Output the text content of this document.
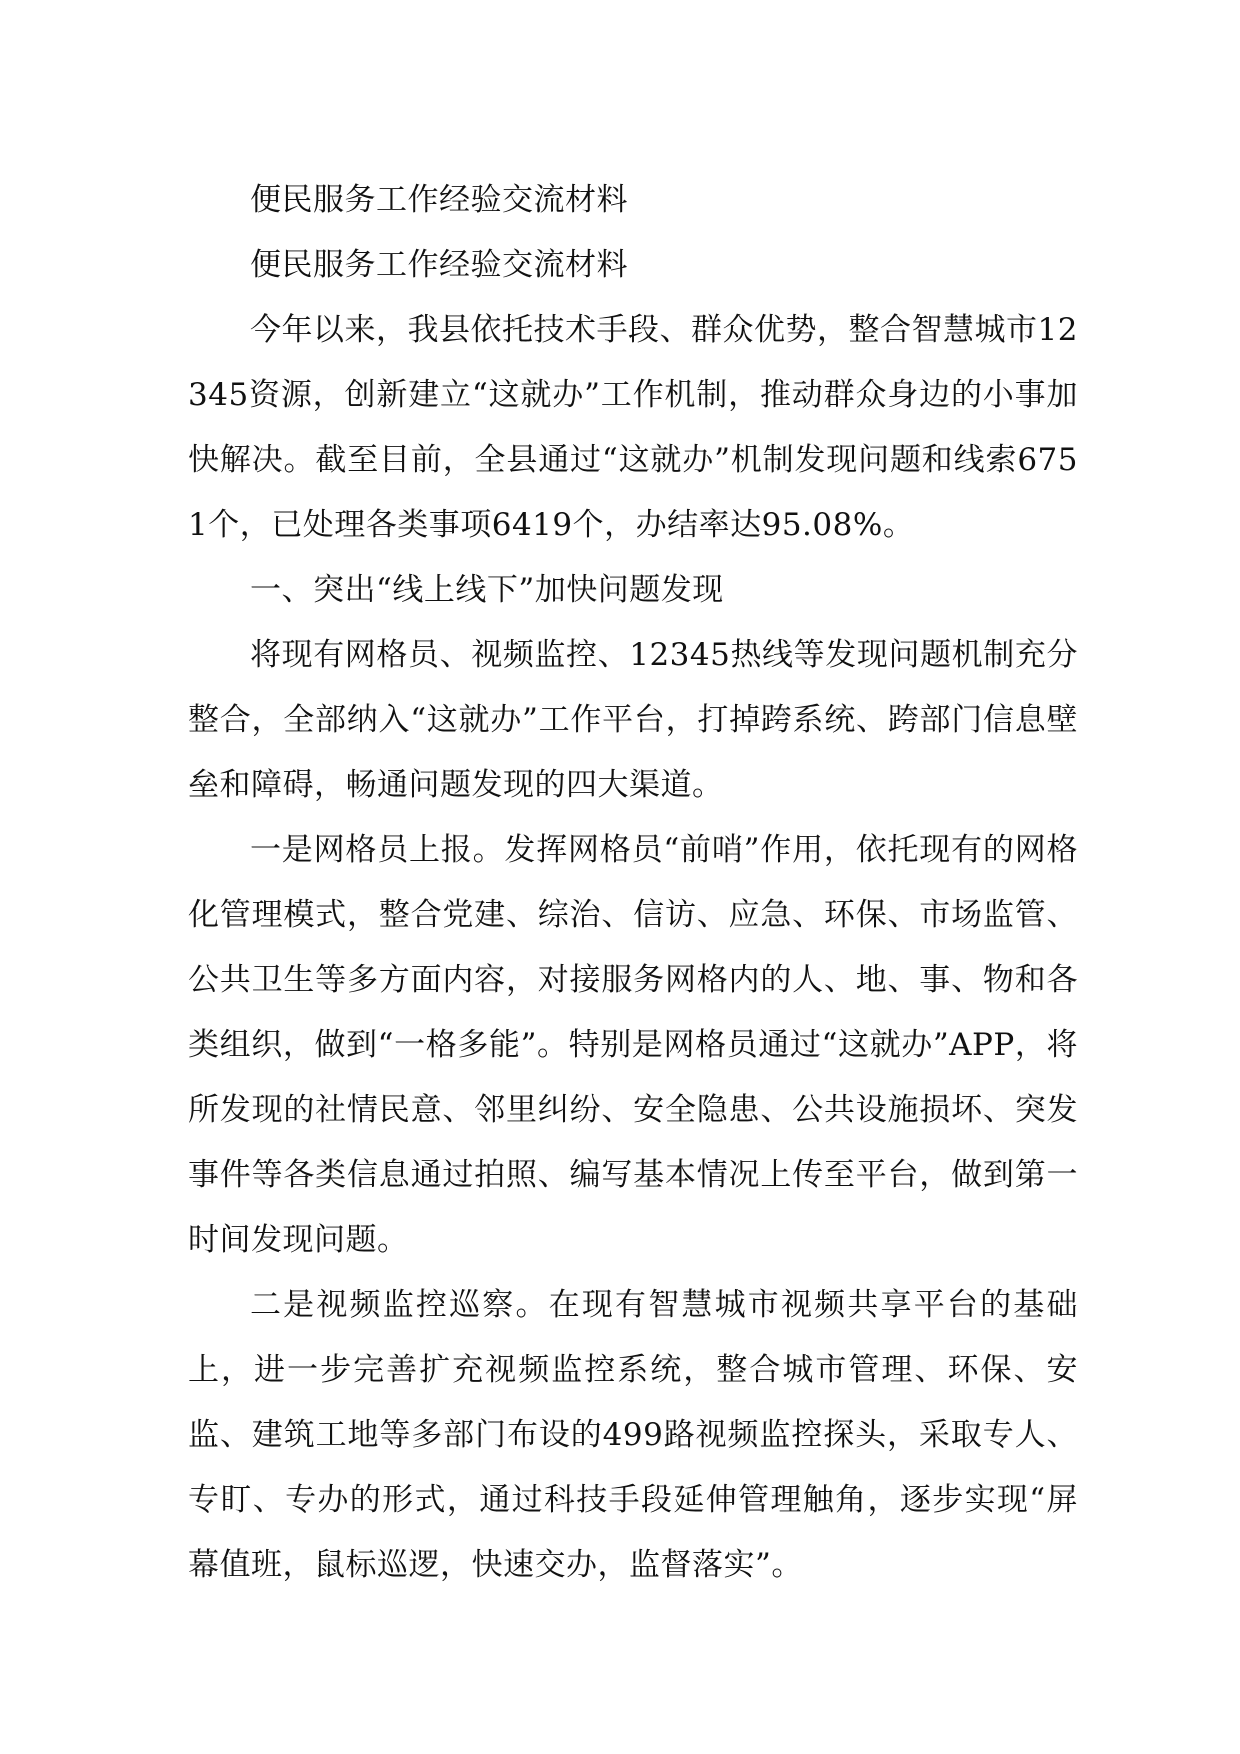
便民服务工作经验交流材料

便民服务工作经验交流材料

今年以来，我县依托技术手段、群众优势，整合智慧城市12345资源，创新建立“这就办”工作机制，推动群众身边的小事加快解决。截至目前，全县通过“这就办”机制发现问题和线索6751个，已处理各类事项6419个，办结率达95.08%。

一、突出“线上线下”加快问题发现

将现有网格员、视频监控、12345热线等发现问题机制充分整合，全部纳入“这就办”工作平台，打掉跨系统、跨部门信息壁垒和障碍，畅通问题发现的四大渠道。

一是网格员上报。发挥网格员“前哨”作用，依托现有的网格化管理模式，整合党建、综治、信访、应急、环保、市场监管、公共卫生等多方面内容，对接服务网格内的人、地、事、物和各类组织，做到“一格多能”。特别是网格员通过“这就办”APP，将所发现的社情民意、邻里纠纷、安全隐患、公共设施损坏、突发事件等各类信息通过拍照、编写基本情况上传至平台，做到第一时间发现问题。

二是视频监控巡察。在现有智慧城市视频共享平台的基础上，进一步完善扩充视频监控系统，整合城市管理、环保、安监、建筑工地等多部门布设的499路视频监控探头，采取专人、专盯、专办的形式，通过科技手段延伸管理触角，逐步实现“屏幕值班，鼠标巡逻，快速交办，监督落实”。
